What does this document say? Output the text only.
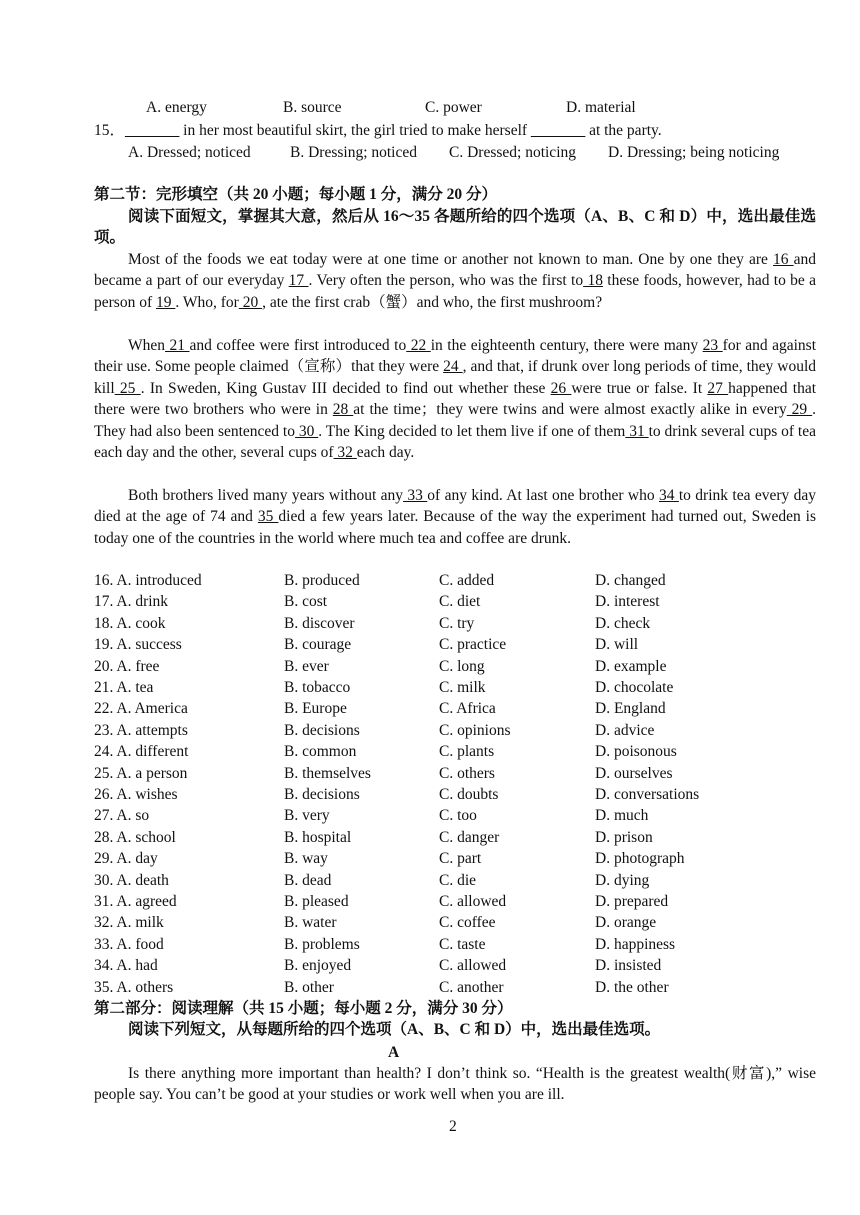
A. energy	B. source	C. power	D. material
15．_______ in her most beautiful skirt, the girl tried to make herself _______ at the party.
A. Dressed; noticed	B. Dressing; noticed C. Dressed; noticing D. Dressing; being noticing
第二节：完形填空（共 20 小题；每小题 1 分，满分 20 分）
阅读下面短文，掌握其大意，然后从 16～35 各题所给的四个选项（A、B、C 和 D）中，选出最佳选项。
Most of the foods we eat today were at one time or another not known to man. One by one they are 16 and became a part of our everyday 17 . Very often the person, who was the first to 18 these foods, however, had to be a person of 19 . Who, for 20 , ate the first crab（蟹）and who, the first mushroom?
When 21 and coffee were first introduced to 22 in the eighteenth century, there were many 23 for and against their use. Some people claimed（宣称）that they were 24 , and that, if drunk over long periods of time, they would kill 25 . In Sweden, King Gustav III decided to find out whether these 26 were true or false. It 27 happened that there were two brothers who were in 28 at the time；they were twins and were almost exactly alike in every 29 . They had also been sentenced to 30 . The King decided to let them live if one of them 31 to drink several cups of tea each day and the other, several cups of 32 each day.
Both brothers lived many years without any 33 of any kind. At last one brother who 34 to drink tea every day died at the age of 74 and 35 died a few years later. Because of the way the experiment had turned out, Sweden is today one of the countries in the world where much tea and coffee are drunk.
16. A. introduced	B. produced	C. added	D. changed
17. A. drink	B. cost	C. diet	D. interest
18. A. cook	B. discover	C. try	D. check
19. A. success	B. courage	C. practice	D. will
20. A. free	B. ever	C. long	D. example
21. A. tea	B. tobacco	C. milk	D. chocolate
22. A. America	B. Europe	C. Africa	D. England
23. A. attempts	B. decisions	C. opinions	D. advice
24. A. different	B. common	C. plants	D. poisonous
25. A. a person	B. themselves	C. others	D. ourselves
26. A. wishes	B. decisions	C. doubts	D. conversations
27. A. so	B. very	C. too	D. much
28. A. school	B. hospital	C. danger	D. prison
29. A. day	B. way	C. part	D. photograph
30. A. death	B. dead	C. die	D. dying
31. A. agreed	B. pleased	C. allowed	D. prepared
32. A. milk	B. water	C. coffee	D. orange
33. A. food	B. problems	C. taste	D. happiness
34. A. had	B. enjoyed	C. allowed	D. insisted
35. A. others	B. other	C. another	D. the other
第二部分：阅读理解（共 15 小题；每小题 2 分，满分 30 分）
阅读下列短文，从每题所给的四个选项（A、B、C 和 D）中，选出最佳选项。
A
Is there anything more important than health? I don’t think so. “Health is the greatest wealth(财富),” wise people say. You can’t be good at your studies or work well when you are ill.
2
